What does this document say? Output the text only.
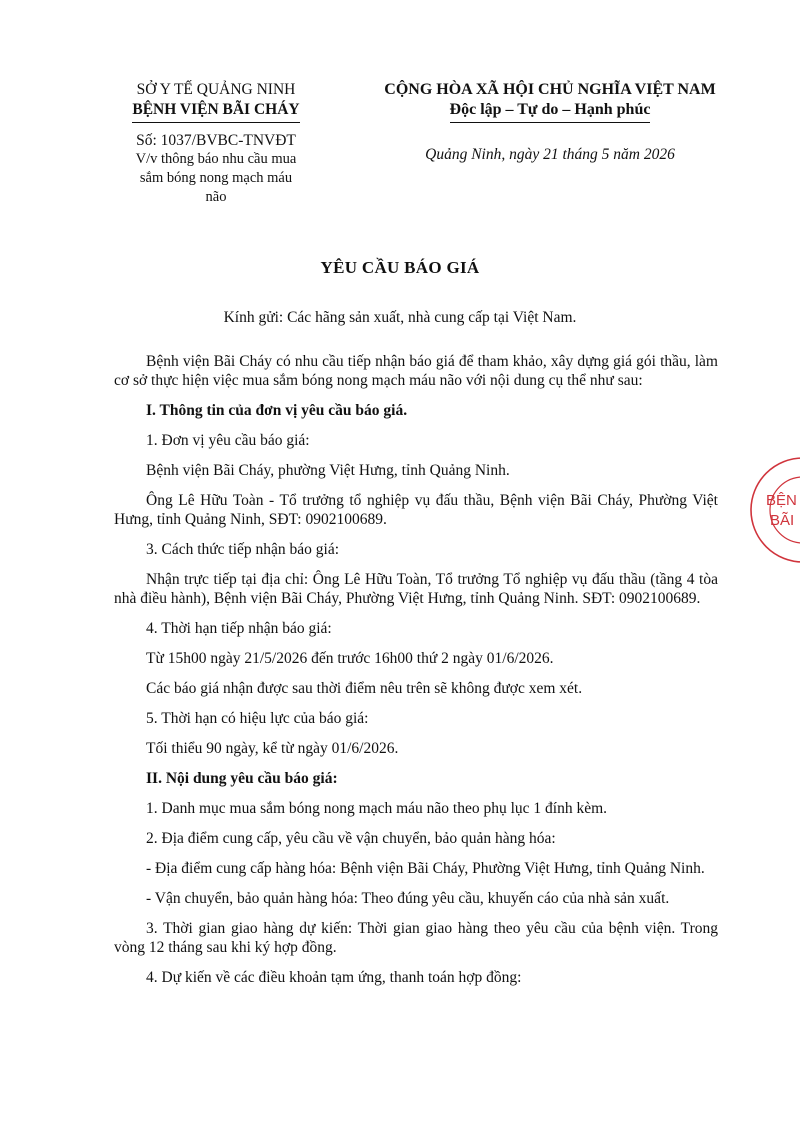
SỞ Y TẾ QUẢNG NINH
BỆNH VIỆN BÃI CHÁY
Số: 1037/BVBC-TNVĐT
V/v thông báo nhu cầu mua
sắm bóng nong mạch máu
não
CỘNG HÒA XÃ HỘI CHỦ NGHĨA VIỆT NAM
Độc lập – Tự do – Hạnh phúc
Quảng Ninh, ngày 21 tháng 5 năm 2026
YÊU CẦU BÁO GIÁ
Kính gửi: Các hãng sản xuất, nhà cung cấp tại Việt Nam.

Bệnh viện Bãi Cháy có nhu cầu tiếp nhận báo giá để tham khảo, xây dựng giá gói thầu, làm cơ sở thực hiện việc mua sắm bóng nong mạch máu não với nội dung cụ thể như sau:

I. Thông tin của đơn vị yêu cầu báo giá.

1. Đơn vị yêu cầu báo giá:

Bệnh viện Bãi Cháy, phường Việt Hưng, tỉnh Quảng Ninh.

Ông Lê Hữu Toàn - Tổ trưởng tổ nghiệp vụ đấu thầu, Bệnh viện Bãi Cháy, Phường Việt Hưng, tỉnh Quảng Ninh, SĐT: 0902100689.

3. Cách thức tiếp nhận báo giá:

Nhận trực tiếp tại địa chỉ: Ông Lê Hữu Toàn, Tổ trưởng Tổ nghiệp vụ đấu thầu (tầng 4 tòa nhà điều hành), Bệnh viện Bãi Cháy, Phường Việt Hưng, tỉnh Quảng Ninh. SĐT: 0902100689.

4. Thời hạn tiếp nhận báo giá:

Từ 15h00 ngày 21/5/2026 đến trước 16h00 thứ 2 ngày 01/6/2026.

Các báo giá nhận được sau thời điểm nêu trên sẽ không được xem xét.

5. Thời hạn có hiệu lực của báo giá:

Tối thiểu 90 ngày, kể từ ngày 01/6/2026.

II. Nội dung yêu cầu báo giá:

1. Danh mục mua sắm bóng nong mạch máu não theo phụ lục 1 đính kèm.

2. Địa điểm cung cấp, yêu cầu về vận chuyển, bảo quản hàng hóa:

- Địa điểm cung cấp hàng hóa: Bệnh viện Bãi Cháy, Phường Việt Hưng, tỉnh Quảng Ninh.

- Vận chuyển, bảo quản hàng hóa: Theo đúng yêu cầu, khuyến cáo của nhà sản xuất.

3. Thời gian giao hàng dự kiến: Thời gian giao hàng theo yêu cầu của bệnh viện. Trong vòng 12 tháng sau khi ký hợp đồng.

4. Dự kiến về các điều khoản tạm ứng, thanh toán hợp đồng:

BỆN
BÃI
